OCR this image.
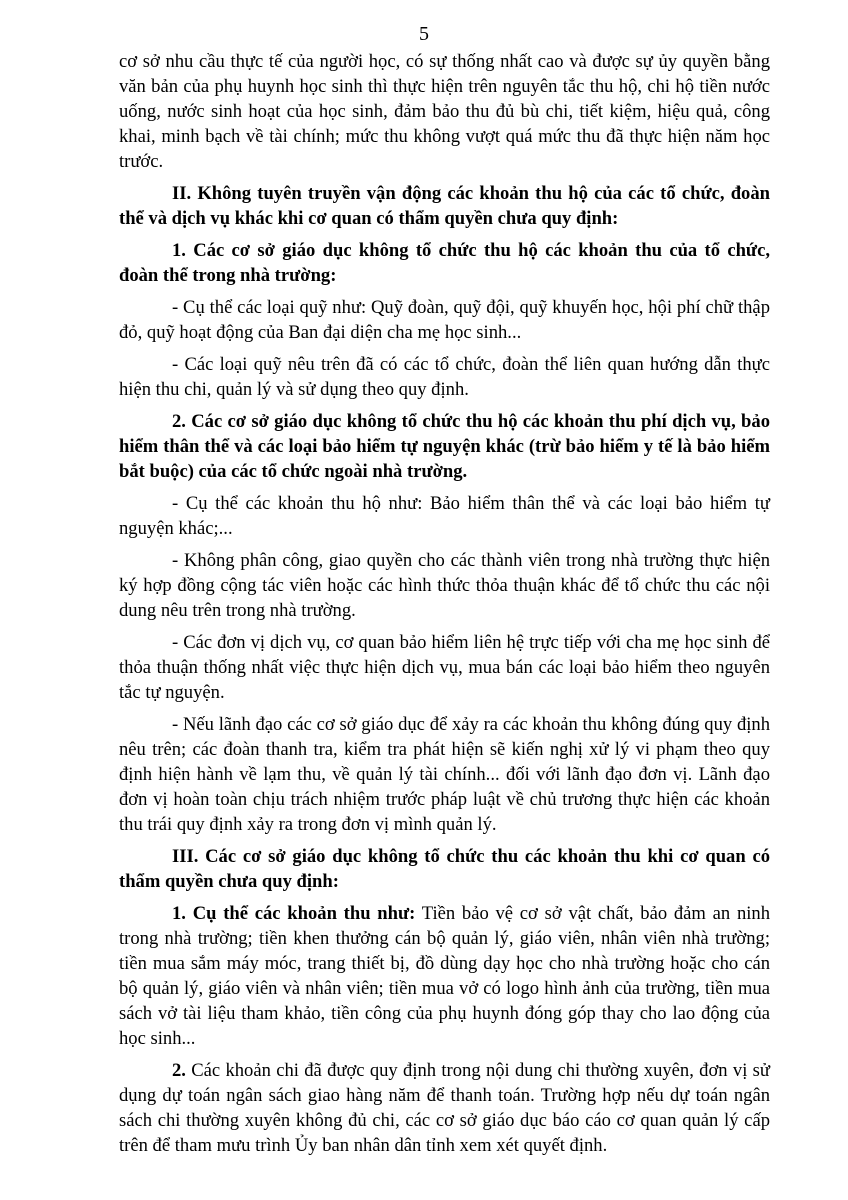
5

cơ sở nhu cầu thực tế của người học, có sự thống nhất cao và được sự ủy quyền bằng văn bản của phụ huynh học sinh thì thực hiện trên nguyên tắc thu hộ, chi hộ tiền nước uống, nước sinh hoạt của học sinh, đảm bảo thu đủ bù chi, tiết kiệm, hiệu quả, công khai, minh bạch về tài chính; mức thu không vượt quá mức thu đã thực hiện năm học trước.

II. Không tuyên truyền vận động các khoản thu hộ của các tổ chức, đoàn thể và dịch vụ khác khi cơ quan có thẩm quyền chưa quy định:

1. Các cơ sở giáo dục không tổ chức thu hộ các khoản thu của tổ chức, đoàn thể trong nhà trường:

- Cụ thể các loại quỹ như: Quỹ đoàn, quỹ đội, quỹ khuyến học, hội phí chữ thập đỏ, quỹ hoạt động của Ban đại diện cha mẹ học sinh...

- Các loại quỹ nêu trên đã có các tổ chức, đoàn thể liên quan hướng dẫn thực hiện thu chi, quản lý và sử dụng theo quy định.

2. Các cơ sở giáo dục không tổ chức thu hộ các khoản thu phí dịch vụ, bảo hiểm thân thể và các loại bảo hiểm tự nguyện khác (trừ bảo hiểm y tế là bảo hiểm bắt buộc) của các tổ chức ngoài nhà trường.

- Cụ thể các khoản thu hộ như: Bảo hiểm thân thể và các loại bảo hiểm tự nguyện khác;...

- Không phân công, giao quyền cho các thành viên trong nhà trường thực hiện ký hợp đồng cộng tác viên hoặc các hình thức thỏa thuận khác để tổ chức thu các nội dung nêu trên trong nhà trường.

- Các đơn vị dịch vụ, cơ quan bảo hiểm liên hệ trực tiếp với cha mẹ học sinh để thỏa thuận thống nhất việc thực hiện dịch vụ, mua bán các loại bảo hiểm theo nguyên tắc tự nguyện.

- Nếu lãnh đạo các cơ sở giáo dục để xảy ra các khoản thu không đúng quy định nêu trên; các đoàn thanh tra, kiểm tra phát hiện sẽ kiến nghị xử lý vi phạm theo quy định hiện hành về lạm thu, về quản lý tài chính... đối với lãnh đạo đơn vị. Lãnh đạo đơn vị hoàn toàn chịu trách nhiệm trước pháp luật về chủ trương thực hiện các khoản thu trái quy định xảy ra trong đơn vị mình quản lý.

III. Các cơ sở giáo dục không tổ chức thu các khoản thu khi cơ quan có thẩm quyền chưa quy định:

1. Cụ thể các khoản thu như: Tiền bảo vệ cơ sở vật chất, bảo đảm an ninh trong nhà trường; tiền khen thưởng cán bộ quản lý, giáo viên, nhân viên nhà trường; tiền mua sắm máy móc, trang thiết bị, đồ dùng dạy học cho nhà trường hoặc cho cán bộ quản lý, giáo viên và nhân viên; tiền mua vở có logo hình ảnh của trường, tiền mua sách vở tài liệu tham khảo, tiền công của phụ huynh đóng góp thay cho lao động của học sinh...

2. Các khoản chi đã được quy định trong nội dung chi thường xuyên, đơn vị sử dụng dự toán ngân sách giao hàng năm để thanh toán. Trường hợp nếu dự toán ngân sách chi thường xuyên không đủ chi, các cơ sở giáo dục báo cáo cơ quan quản lý cấp trên để tham mưu trình Ủy ban nhân dân tỉnh xem xét quyết định.
